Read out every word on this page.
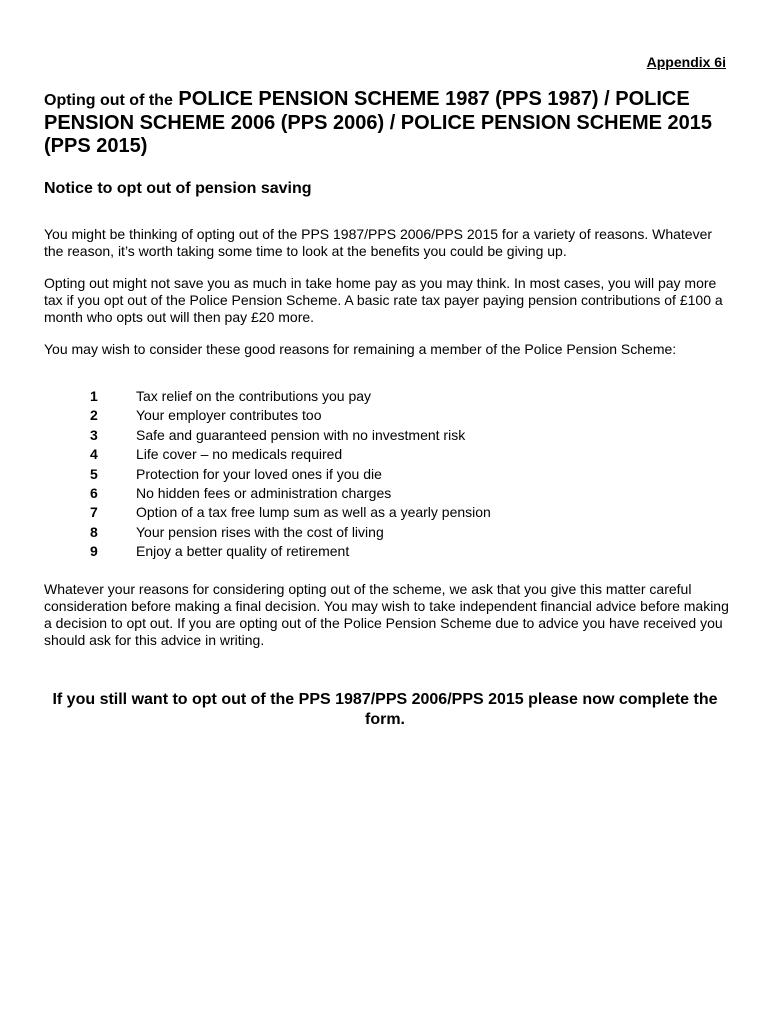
Appendix 6i
Opting out of the POLICE PENSION SCHEME 1987 (PPS 1987) / POLICE PENSION SCHEME 2006 (PPS 2006) / POLICE PENSION SCHEME 2015 (PPS 2015)
Notice to opt out of pension saving

You might be thinking of opting out of the PPS 1987/PPS 2006/PPS 2015 for a variety of reasons. Whatever the reason, it’s worth taking some time to look at the benefits you could be giving up.

Opting out might not save you as much in take home pay as you may think. In most cases, you will pay more tax if you opt out of the Police Pension Scheme. A basic rate tax payer paying pension contributions of £100 a month who opts out will then pay £20 more.

You may wish to consider these good reasons for remaining a member of the Police Pension Scheme:

1	Tax relief on the contributions you pay
2	Your employer contributes too
3	Safe and guaranteed pension with no investment risk
4	Life cover – no medicals required
5	Protection for your loved ones if you die
6	No hidden fees or administration charges
7	Option of a tax free lump sum as well as a yearly pension
8	Your pension rises with the cost of living
9	Enjoy a better quality of retirement

Whatever your reasons for considering opting out of the scheme, we ask that you give this matter careful consideration before making a final decision. You may wish to take independent financial advice before making a decision to opt out. If you are opting out of the Police Pension Scheme due to advice you have received you should ask for this advice in writing.

If you still want to opt out of the PPS 1987/PPS 2006/PPS 2015 please now complete the form.
